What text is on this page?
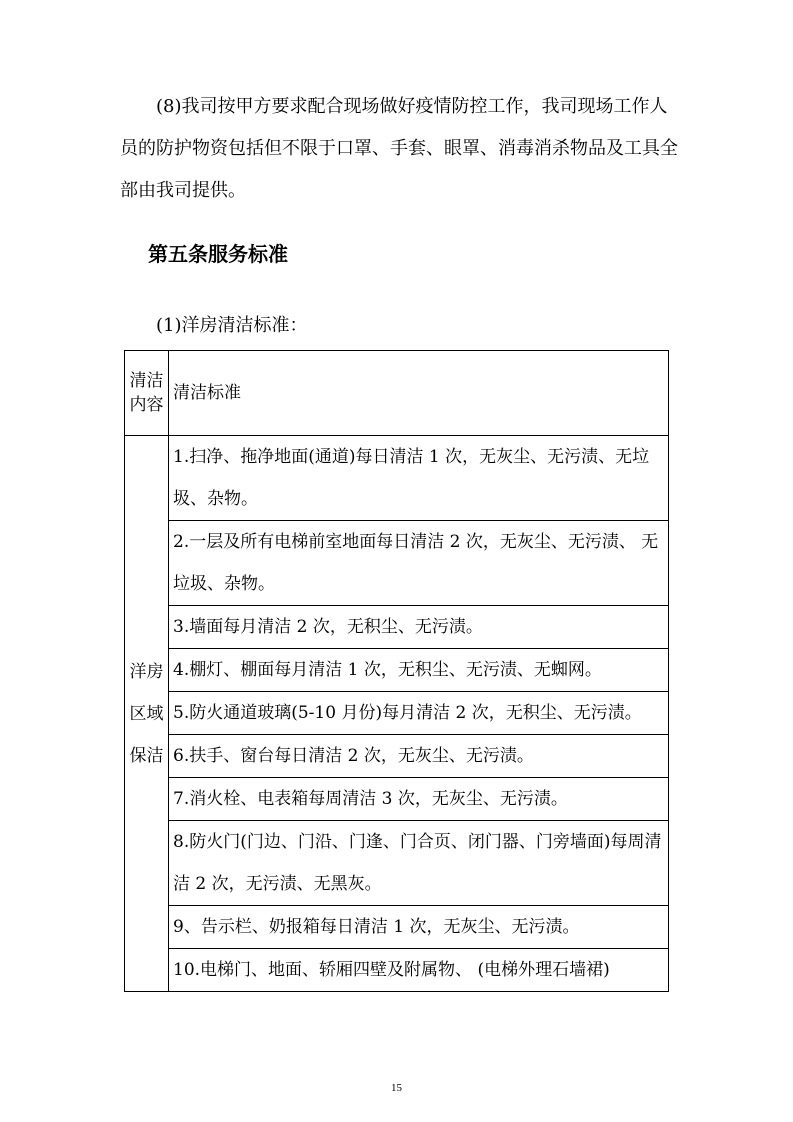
(8)我司按甲方要求配合现场做好疫情防控工作，我司现场工作人员的防护物资包括但不限于口罩、手套、眼罩、消毒消杀物品及工具全部由我司提供。

第五条服务标准

(1)洋房清洁标准：

清洁内容	清洁标准
洋房区域保洁	1.扫净、拖净地面(通道)每日清洁 1 次，无灰尘、无污渍、无垃圾、杂物。
	2.一层及所有电梯前室地面每日清洁 2 次，无灰尘、无污渍、 无垃圾、杂物。
	3.墙面每月清洁 2 次，无积尘、无污渍。
	4.棚灯、棚面每月清洁 1 次，无积尘、无污渍、无蜘网。
	5.防火通道玻璃(5-10 月份)每月清洁 2 次，无积尘、无污渍。
	6.扶手、窗台每日清洁 2 次，无灰尘、无污渍。
	7.消火栓、电表箱每周清洁 3 次，无灰尘、无污渍。
	8.防火门(门边、门沿、门逢、门合页、闭门器、门旁墙面)每周清洁 2 次，无污渍、无黑灰。
	9、告示栏、奶报箱每日清洁 1 次，无灰尘、无污渍。
	10.电梯门、地面、轿厢四壁及附属物、 (电梯外理石墙裙)
15
